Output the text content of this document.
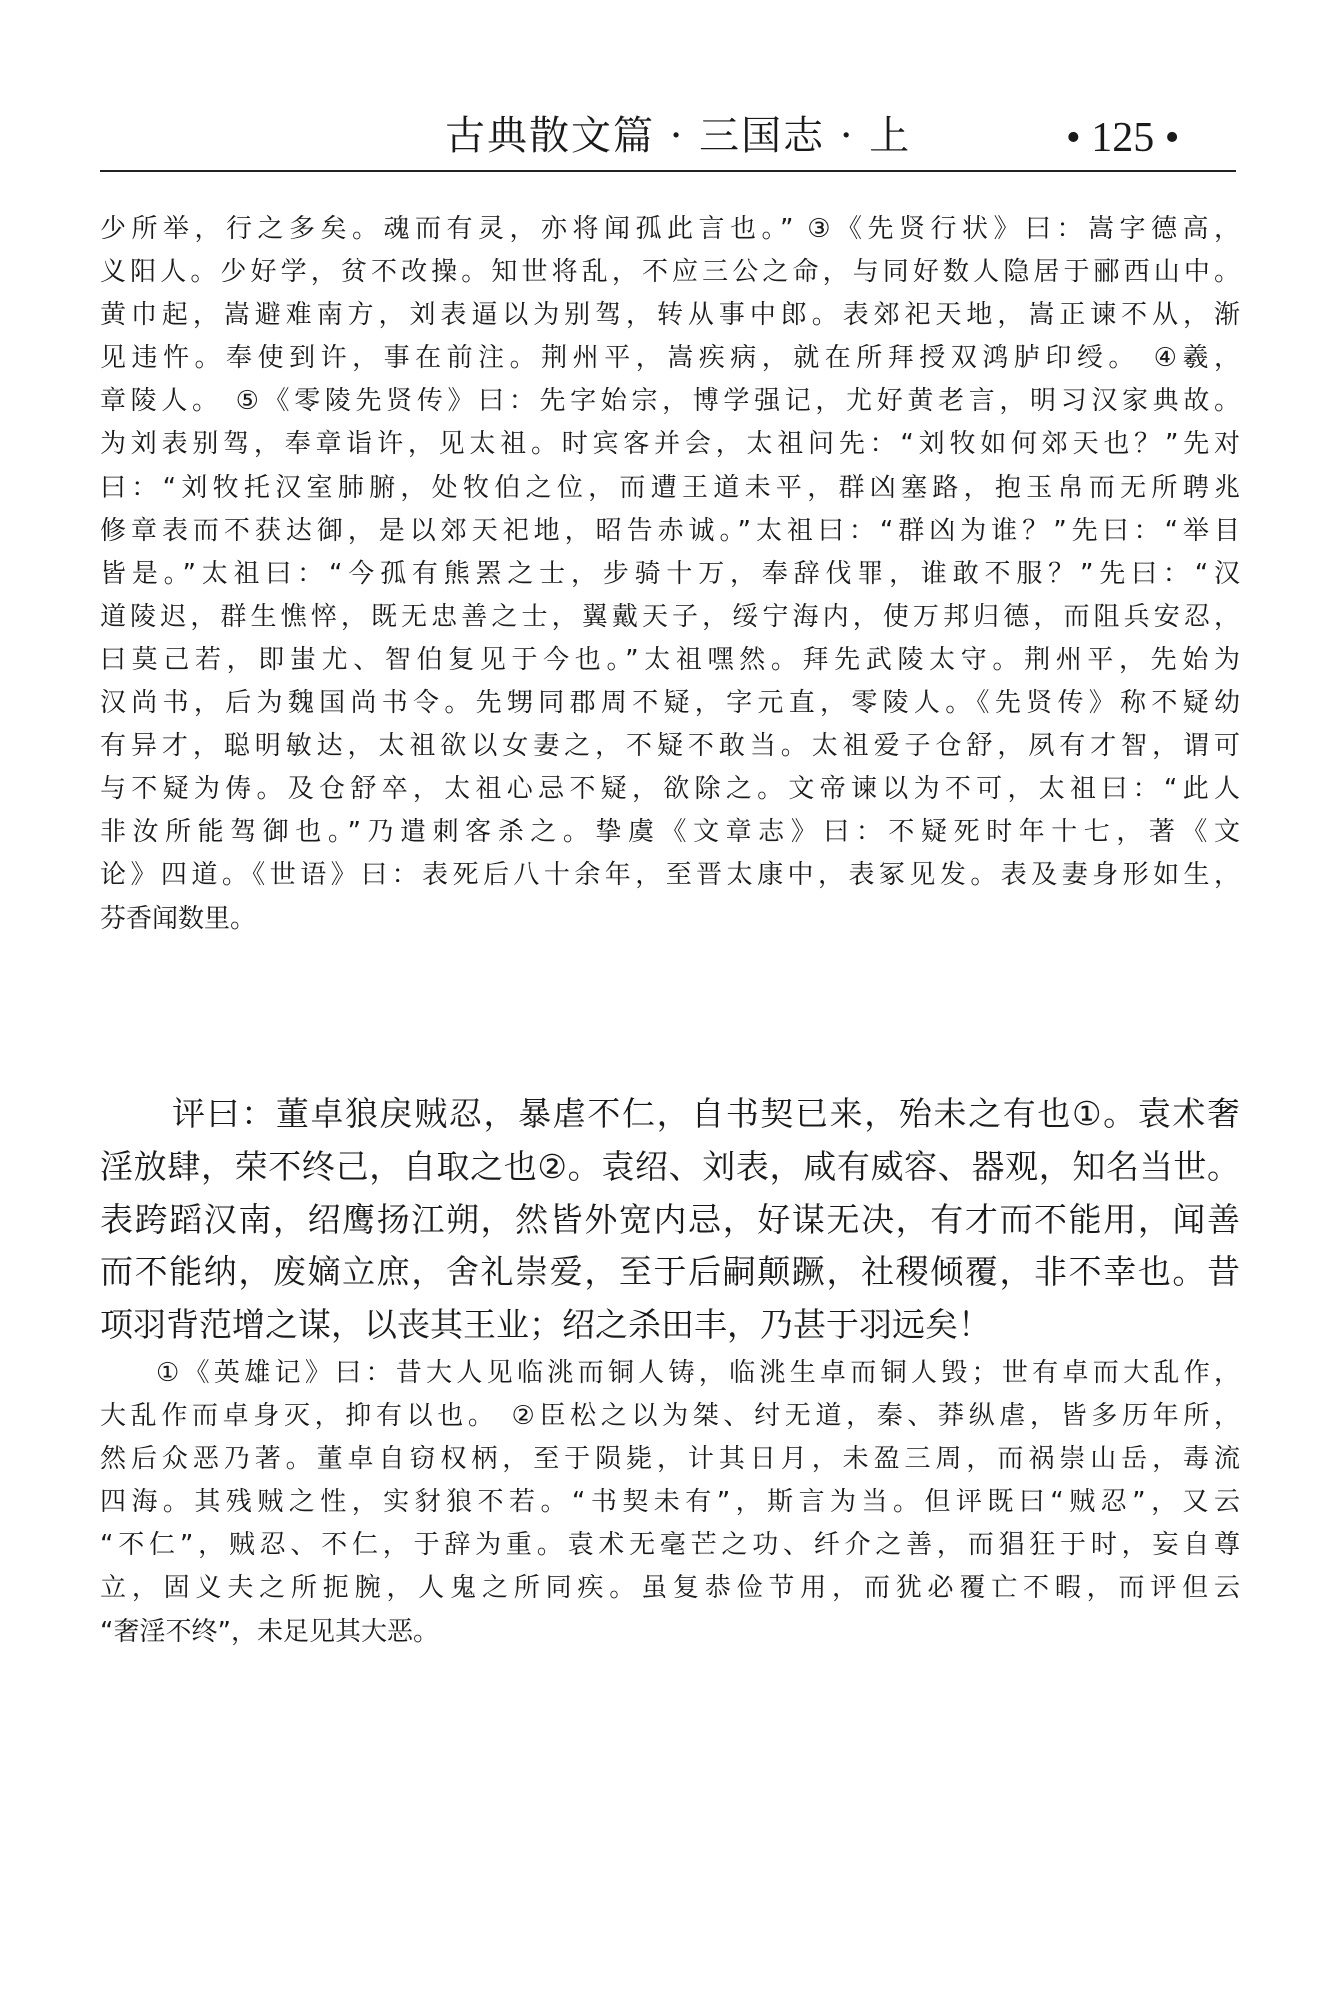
古典散文篇 · 三国志 · 上	• 125 •
少所举，行之多矣。魂而有灵，亦将闻孤此言也。” ③《先贤行状》曰：嵩字德高，
义阳人。少好学，贫不改操。知世将乱，不应三公之命，与同好数人隐居于郦西山中。
黄巾起，嵩避难南方，刘表逼以为别驾，转从事中郎。表郊祀天地，嵩正谏不从，渐
见违忤。奉使到许，事在前注。荆州平，嵩疾病，就在所拜授双鸿胪印绶。 ④羲，
章陵人。 ⑤《零陵先贤传》曰：先字始宗，博学强记，尤好黄老言，明习汉家典故。
为刘表别驾，奉章诣许，见太祖。时宾客并会，太祖问先：“刘牧如何郊天也？”先对
曰：“刘牧托汉室肺腑，处牧伯之位，而遭王道未平，群凶塞路，抱玉帛而无所聘兆
修章表而不获达御，是以郊天祀地，昭告赤诚。”太祖曰：“群凶为谁？”先曰：“举目
皆是。”太祖曰：“今孤有熊罴之士，步骑十万，奉辞伐罪，谁敢不服？”先曰：“汉
道陵迟，群生憔悴，既无忠善之士，翼戴天子，绥宁海内，使万邦归德，而阻兵安忍，
曰莫己若，即蚩尤、智伯复见于今也。”太祖嘿然。拜先武陵太守。荆州平，先始为
汉尚书，后为魏国尚书令。先甥同郡周不疑，字元直，零陵人。《先贤传》称不疑幼
有异才，聪明敏达，太祖欲以女妻之，不疑不敢当。太祖爱子仓舒，夙有才智，谓可
与不疑为俦。及仓舒卒，太祖心忌不疑，欲除之。文帝谏以为不可，太祖曰：“此人
非汝所能驾御也。”乃遣刺客杀之。挚虞《文章志》曰：不疑死时年十七，著《文
论》四道。《世语》曰：表死后八十余年，至晋太康中，表冢见发。表及妻身形如生，
芬香闻数里。
评曰：董卓狼戾贼忍，暴虐不仁，自书契已来，殆未之有也①。袁术奢
淫放肆，荣不终己，自取之也②。袁绍、刘表，咸有威容、器观，知名当世。
表跨蹈汉南，绍鹰扬江朔，然皆外宽内忌，好谋无决，有才而不能用，闻善
而不能纳，废嫡立庶，舍礼崇爱，至于后嗣颠蹶，社稷倾覆，非不幸也。昔
项羽背范增之谋，以丧其王业；绍之杀田丰，乃甚于羽远矣！
①《英雄记》曰：昔大人见临洮而铜人铸，临洮生卓而铜人毁；世有卓而大乱作，
大乱作而卓身灭，抑有以也。 ②臣松之以为桀、纣无道，秦、莽纵虐，皆多历年所，
然后众恶乃著。董卓自窃权柄，至于陨毙，计其日月，未盈三周，而祸崇山岳，毒流
四海。其残贼之性，实豺狼不若。“书契未有”，斯言为当。但评既曰“贼忍”，又云
“不仁”，贼忍、不仁，于辞为重。袁术无毫芒之功、纤介之善，而猖狂于时，妄自尊
立，固义夫之所扼腕，人鬼之所同疾。虽复恭俭节用，而犹必覆亡不暇，而评但云
“奢淫不终”，未足见其大恶。
